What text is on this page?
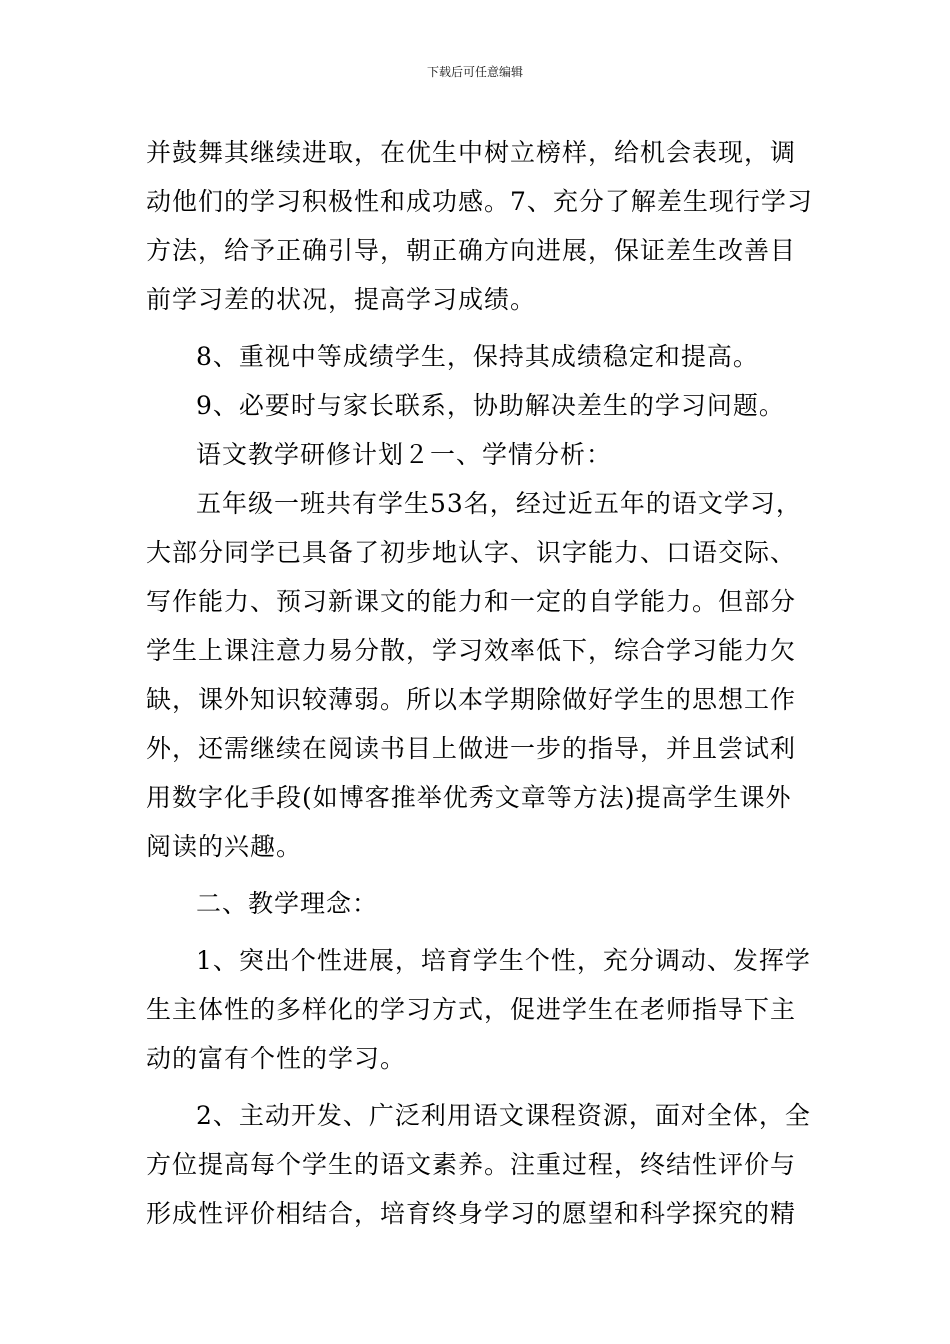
下载后可任意编辑
并鼓舞其继续进取，在优生中树立榜样，给机会表现，调
动他们的学习积极性和成功感。7、充分了解差生现行学习
方法，给予正确引导，朝正确方向进展，保证差生改善目
前学习差的状况，提高学习成绩。
8、重视中等成绩学生，保持其成绩稳定和提高。
9、必要时与家长联系，协助解决差生的学习问题。
语文教学研修计划２一、学情分析：
五年级一班共有学生53名，经过近五年的语文学习，
大部分同学已具备了初步地认字、识字能力、口语交际、
写作能力、预习新课文的能力和一定的自学能力。但部分
学生上课注意力易分散，学习效率低下，综合学习能力欠
缺，课外知识较薄弱。所以本学期除做好学生的思想工作
外，还需继续在阅读书目上做进一步的指导，并且尝试利
用数字化手段(如博客推举优秀文章等方法)提高学生课外
阅读的兴趣。
二、教学理念：
1、突出个性进展，培育学生个性，充分调动、发挥学
生主体性的多样化的学习方式，促进学生在老师指导下主
动的富有个性的学习。
2、主动开发、广泛利用语文课程资源，面对全体，全
方位提高每个学生的语文素养。注重过程，终结性评价与
形成性评价相结合，培育终身学习的愿望和科学探究的精
